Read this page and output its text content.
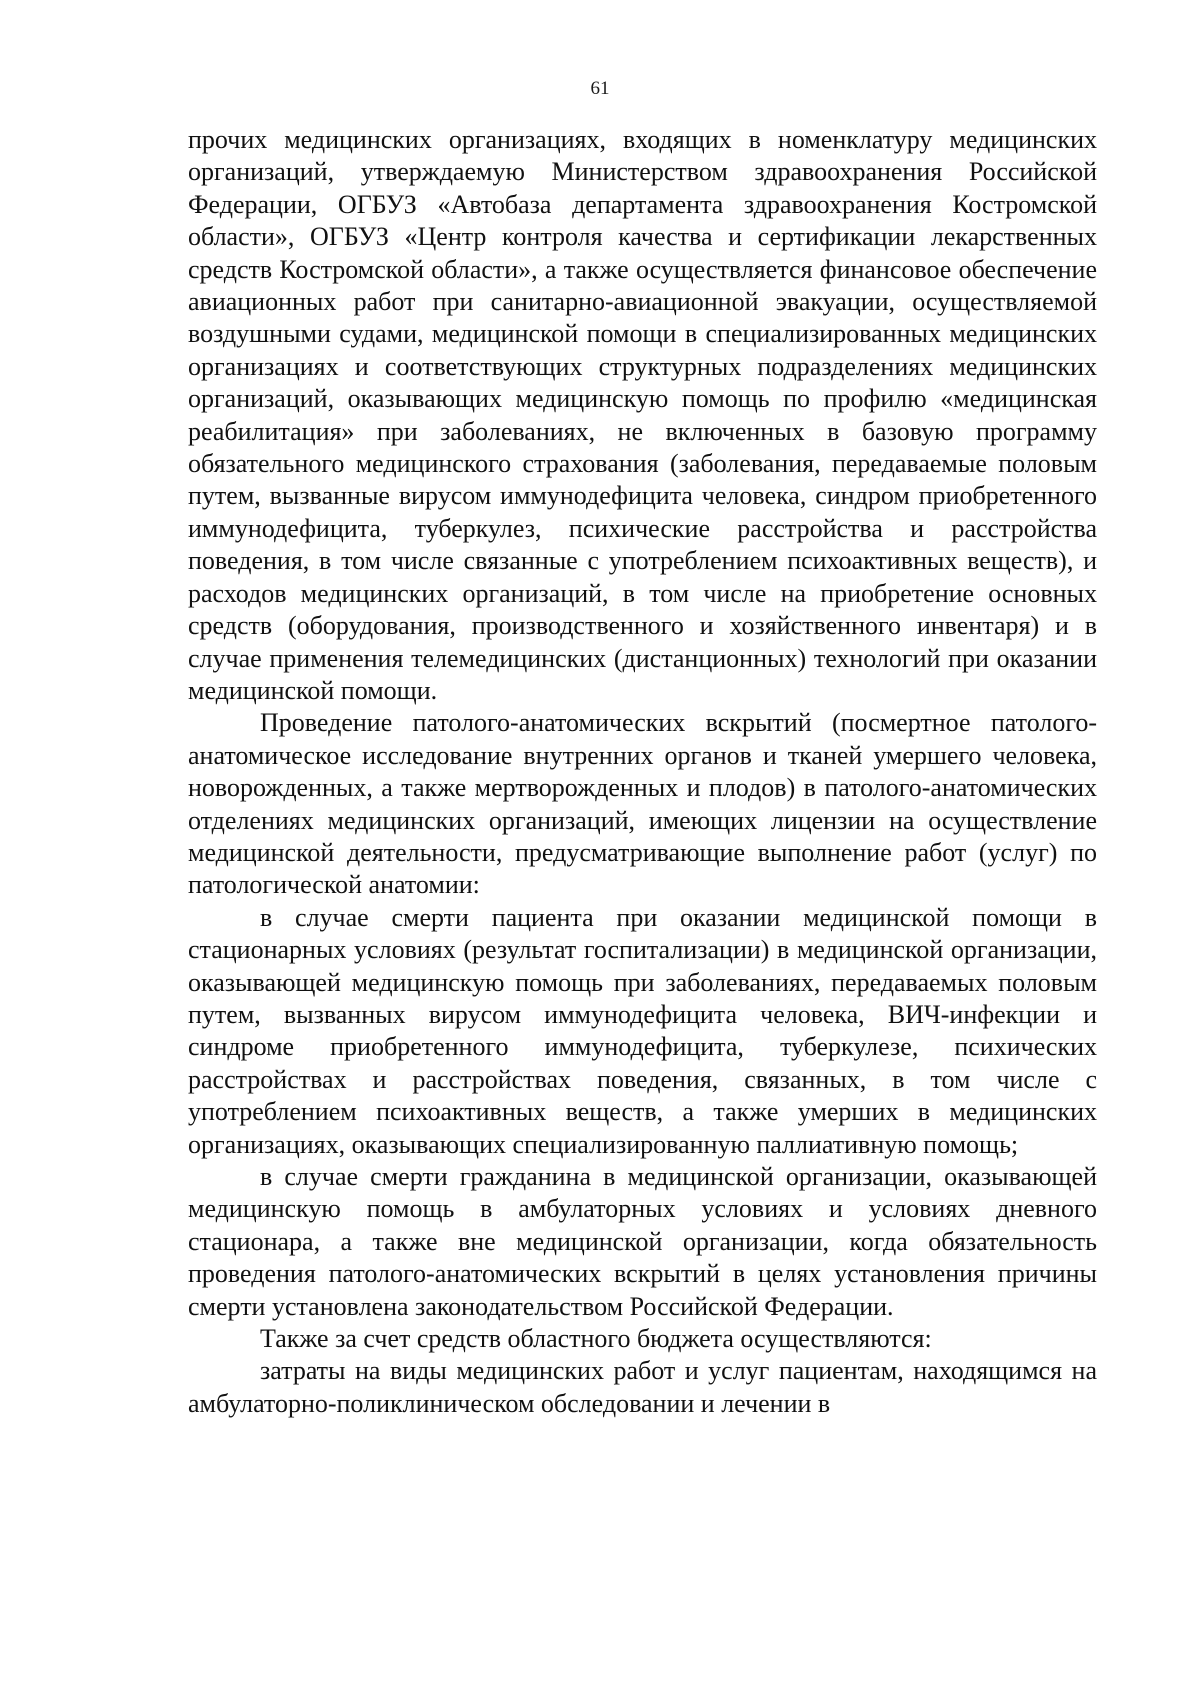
61

прочих медицинских организациях, входящих в номенклатуру медицинских организаций, утверждаемую Министерством здравоохранения Российской Федерации, ОГБУЗ «Автобаза департамента здравоохранения Костромской области», ОГБУЗ «Центр контроля качества и сертификации лекарственных средств Костромской области», а также осуществляется финансовое обеспечение авиационных работ при санитарно-авиационной эвакуации, осуществляемой воздушными судами, медицинской помощи в специализированных медицинских организациях и соответствующих структурных подразделениях медицинских организаций, оказывающих медицинскую помощь по профилю «медицинская реабилитация» при заболеваниях, не включенных в базовую программу обязательного медицинского страхования (заболевания, передаваемые половым путем, вызванные вирусом иммунодефицита человека, синдром приобретенного иммунодефицита, туберкулез, психические расстройства и расстройства поведения, в том числе связанные с употреблением психоактивных веществ), и расходов медицинских организаций, в том числе на приобретение основных средств (оборудования, производственного и хозяйственного инвентаря) и в случае применения телемедицинских (дистанционных) технологий при оказании медицинской помощи.

Проведение патолого-анатомических вскрытий (посмертное патолого-анатомическое исследование внутренних органов и тканей умершего человека, новорожденных, а также мертворожденных и плодов) в патолого-анатомических отделениях медицинских организаций, имеющих лицензии на осуществление медицинской деятельности, предусматривающие выполнение работ (услуг) по патологической анатомии:

в случае смерти пациента при оказании медицинской помощи в стационарных условиях (результат госпитализации) в медицинской организации, оказывающей медицинскую помощь при заболеваниях, передаваемых половым путем, вызванных вирусом иммунодефицита человека, ВИЧ-инфекции и синдроме приобретенного иммунодефицита, туберкулезе, психических расстройствах и расстройствах поведения, связанных, в том числе с употреблением психоактивных веществ, а также умерших в медицинских организациях, оказывающих специализированную паллиативную помощь;

в случае смерти гражданина в медицинской организации, оказывающей медицинскую помощь в амбулаторных условиях и условиях дневного стационара, а также вне медицинской организации, когда обязательность проведения патолого-анатомических вскрытий в целях установления причины смерти установлена законодательством Российской Федерации.

Также за счет средств областного бюджета осуществляются:

затраты на виды медицинских работ и услуг пациентам, находящимся на амбулаторно-поликлиническом обследовании и лечении в
